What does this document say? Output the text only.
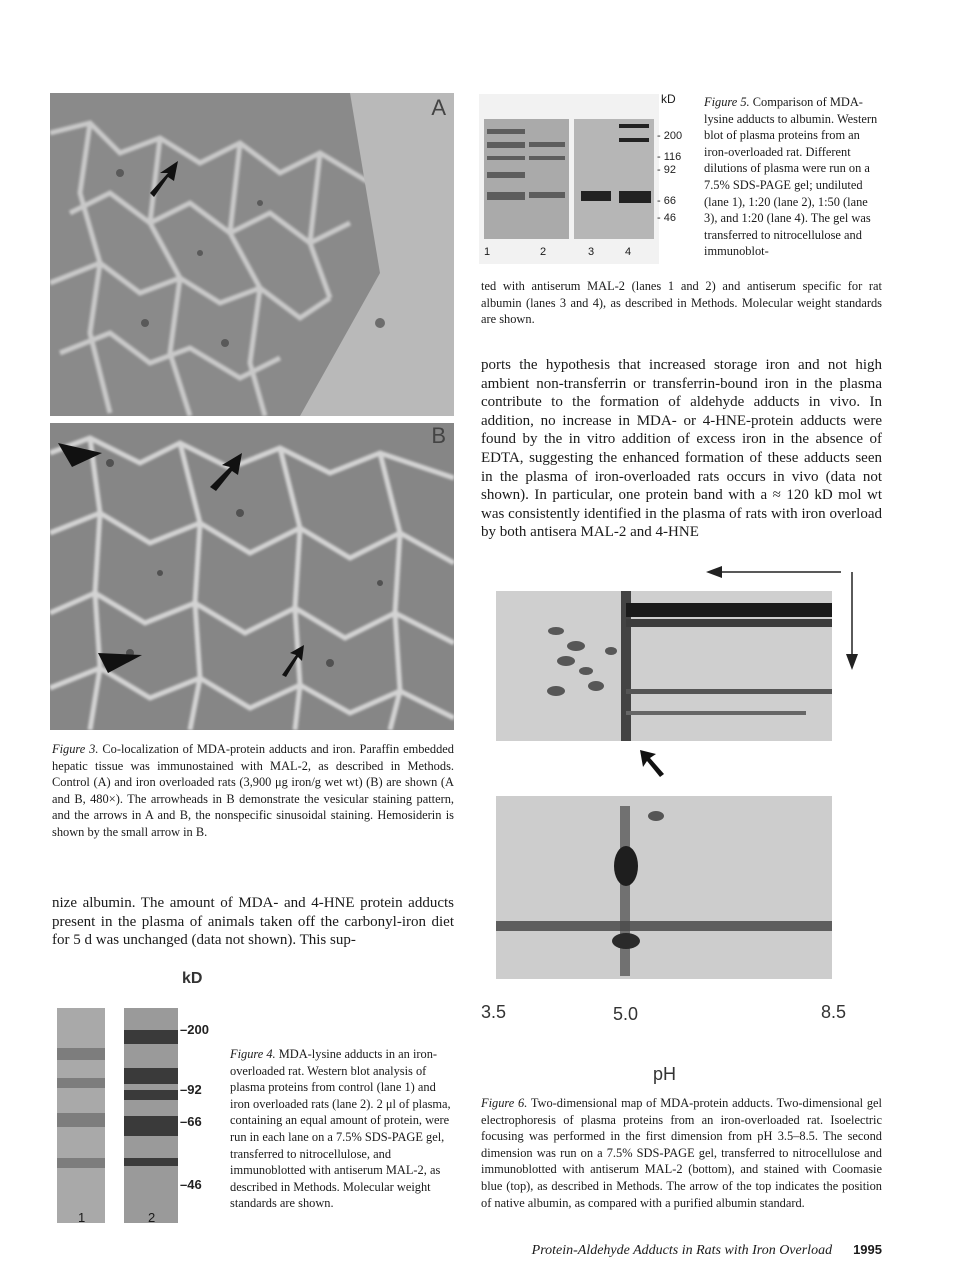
A
B
Figure 3. Co-localization of MDA-protein adducts and iron. Paraffin embedded hepatic tissue was immunostained with MAL-2, as described in Methods. Control (A) and iron overloaded rats (3,900 μg iron/g wet wt) (B) are shown (A and B, 480×). The arrowheads in B demonstrate the vesicular staining pattern, and the arrows in A and B, the nonspecific sinusoidal staining. Hemosiderin is shown by the small arrow in B.
kD
- 200
- 116
- 92
- 66
- 46
1	2	3	4
Figure 5. Comparison of MDA-lysine adducts to albumin. Western blot of plasma proteins from an iron-overloaded rat. Different dilutions of plasma were run on a 7.5% SDS-PAGE gel; undiluted (lane 1), 1:20 (lane 2), 1:50 (lane 3), and 1:20 (lane 4). The gel was transferred to nitrocellulose and immunoblot-
ted with antiserum MAL-2 (lanes 1 and 2) and antiserum specific for rat albumin (lanes 3 and 4), as described in Methods. Molecular weight standards are shown.
ports the hypothesis that increased storage iron and not high ambient non-transferrin or transferrin-bound iron in the plasma contribute to the formation of aldehyde adducts in vivo. In addition, no increase in MDA- or 4-HNE-protein adducts were found by the in vitro addition of excess iron in the absence of EDTA, suggesting the enhanced formation of these adducts seen in the plasma of iron-overloaded rats occurs in vivo (data not shown). In particular, one protein band with a ≈ 120 kD mol wt was consistently identified in the plasma of rats with iron overload by both antisera MAL-2 and 4-HNE
3.5	5.0	8.5
pH
Figure 6. Two-dimensional map of MDA-protein adducts. Two-dimensional gel electrophoresis of plasma proteins from an iron-overloaded rat. Isoelectric focusing was performed in the first dimension from pH 3.5–8.5. The second dimension was run on a 7.5% SDS-PAGE gel, transferred to nitrocellulose and immunoblotted with antiserum MAL-2 (bottom), and stained with Coomasie blue (top), as described in Methods. The arrow of the top indicates the position of native albumin, as compared with a purified albumin standard.
nize albumin. The amount of MDA- and 4-HNE protein adducts present in the plasma of animals taken off the carbonyl-iron diet for 5 d was unchanged (data not shown). This sup-
kD
–200
–92
–66
–46
1	2
Figure 4. MDA-lysine adducts in an iron-overloaded rat. Western blot analysis of plasma proteins from control (lane 1) and iron overloaded rats (lane 2). 2 μl of plasma, containing an equal amount of protein, were run in each lane on a 7.5% SDS-PAGE gel, transferred to nitrocellulose, and immunoblotted with antiserum MAL-2, as described in Methods. Molecular weight standards are shown.
Protein-Aldehyde Adducts in Rats with Iron Overload 1995
